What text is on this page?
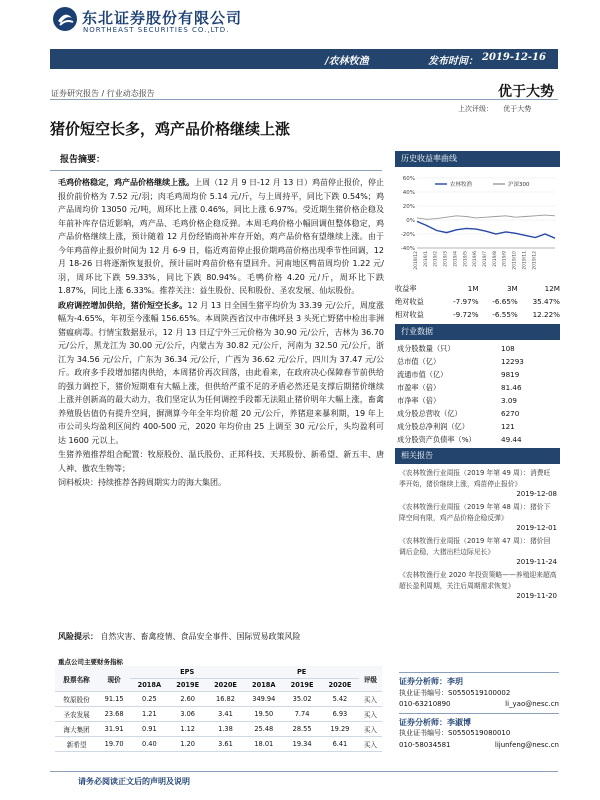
东北证券股份有限公司
NORTHEAST SECURITIES CO.,LTD.
/农林牧渔	发布时间： 2019-12-16
证券研究报告 / 行业动态报告	优于大势
上次评级： 优于大势
猪价短空长多，鸡产品价格继续上涨
报告摘要：

毛鸡价格稳定，鸡产品价格继续上涨。上周（12 月 9 日-12 月 13 日）鸡苗停止报价，停止报价前价格为 7.52 元/羽；肉毛鸡周均价 5.14 元/斤，与上周持平，同比下跌 0.54%；鸡产品周均价 13050 元/吨，周环比上涨 0.46%，同比上涨 6.97%。受近期生猪价格企稳及年前补库存信近影响，鸡产品、毛鸡价格企稳反弹。本周毛鸡价格小幅回调但整体稳定，鸡产品价格继续上涨，预计随着 12 月份经销商补库存开始，鸡产品价格有望继续上涨。由于今年鸡苗停止报价时间为 12 月 6-9 日，临近鸡苗停止报价期鸡苗价格出现季节性回调，12 月 18-26 日将逐渐恢复报价，预计届时鸡苗价格有望回升。河南地区鸭苗周均价 1.22 元/羽，周环比下跌 59.33%，同比下跌 80.94%。毛鸭价格 4.20 元/斤，周环比下跌 1.87%，同比上涨 6.33%。推荐关注：益生股份、民和股份、圣农发展、仙坛股份。

政府调控增加供给，猪价短空长多。12 月 13 日全国生猪平均价为 33.39 元/公斤，周度涨幅为-4.65%，年初至今涨幅 156.65%。本周陕西省汉中市佛坪县 3 头死亡野猪中检出非洲猪瘟病毒。行情宝数据显示，12 月 13 日辽宁外三元价格为 30.90 元/公斤，吉林为 36.70 元/公斤，黑龙江为 30.00 元/公斤，内蒙古为 30.82 元/公斤，河南为 32.50 元/公斤，浙江为 34.56 元/公斤，广东为 36.34 元/公斤，广西为 36.62 元/公斤，四川为 37.47 元/公斤。政府多手段增加猪肉供给，本周猪价再次回落，由此看来，在政府决心保障春节前供给的强力调控下，猪价短期难有大幅上涨，但供给严重不足的矛盾必然还是支撑后期猪价继续上涨并创新高的最大动力，我们坚定认为任何调控手段都无法阻止猪价明年大幅上涨，畜禽养殖股估值仍有提升空间，摒测算今年全年均价超 20 元/公斤，养猪迎来暴利期，19 年上市公司头均盈利区间约 400-500 元，2020 年均价由 25 上调至 30 元/公斤，头均盈利可达 1600 元以上。

生猪养殖推荐组合配置：牧原股份、温氏股份、正邦科技、天邦股份、新希望、新五丰、唐人神、傲农生物等；

饲料板块：持续推荐各跨周期实力的海大集团。

风险提示： 自然灾害、畜禽疫情、食品安全事件、国际贸易政策风险
重点公司主要财务指标
股票名称	现价	EPS			PE			评级
		2018A	2019E	2020E	2018A	2019E	2020E	
牧原股份	91.15	0.25	2.60	16.82	349.94	35.02	5.42	买入
圣农发展	23.68	1.21	3.06	3.41	19.50	7.74	6.93	买入
海大集团	31.91	0.91	1.12	1.38	25.48	28.55	19.29	买入
新希望	19.70	0.40	1.20	3.61	18.01	19.34	6.41	买入
请务必阅读正文后的声明及说明
历史收益率曲线
60%
40%
20%
0%
-20%
-40%
2018/12 2019/1 2019/2 2019/3 2019/4 2019/5 2019/6 2019/7 2019/8 2019/9 2019/10 2019/11 2019/12
农林牧渔	沪深300
收益率	1M	3M	12M
绝对收益	-7.97%	-6.65%	35.47%
相对收益	-9.72%	-6.55%	12.22%
行业数据
成分股数量（只）	108
总市值（亿）	12293
流通市值（亿）	9819
市盈率（倍）	81.46
市净率（倍）	3.09
成分股总营收（亿）	6270
成分股总净利润（亿）	121
成分股资产负债率（%）	49.44
相关报告

《农林牧渔行业周报（2019 年第 49 周）：消费旺季开始，猪价继续上涨，鸡苗停止报价》

2019-12-08

《农林牧渔行业周报（2019 年第 48 周）：猪价下降空间有限，鸡产品价格企稳反弹》

2019-12-01

《农林牧渔行业周报（2019 年第 47 周）：猪价回调后企稳，大猪出栏边际见长》

2019-11-24

《农林牧渔行业 2020 年投资策略——养殖迎来超高超长盈利周期，关注后周期需求恢复》

2019-11-20

证券分析师：李玥
执业证书编号：S0550519100002
010-63210890	li_yao@nesc.cn
证券分析师：李淑博
执业证书编号：S0550519080010
010-58034581	lijunfeng@nesc.cn
